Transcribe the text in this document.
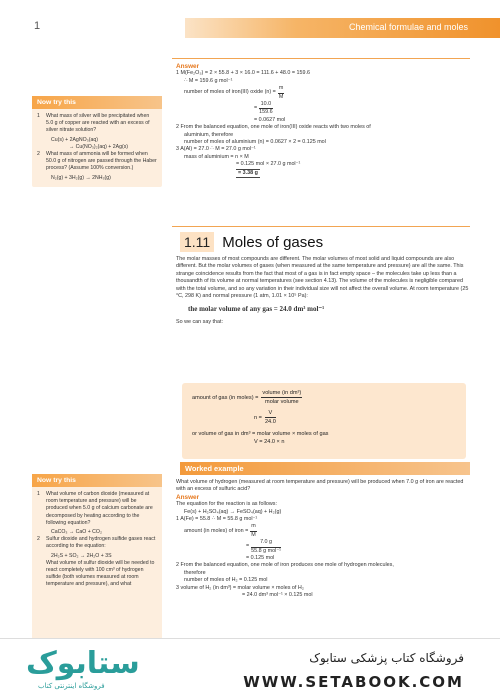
1	Chemical formulae and moles
Answer
1 M(Fe₂O₃) = 2 × 55.8 + 3 × 16.0 = 111.6 + 48.0 = 159.6
∴ M = 159.6 g mol⁻¹
number of moles of iron(III) oxide $(n) = \frac{m}{M}$
= $\frac{10.0}{159.6}$
= 0.0627 mol
2 From the balanced equation, one mole of iron(III) oxide reacts with two moles of
aluminium, therefore
number of moles of aluminium (n) = 0.0627 × 2 = 0.125 mol
3 A(Al) = 27.0 ∴ M = 27.0 g mol⁻¹
mass of aluminium = n × M
= 0.125 mol × 27.0 g mol⁻¹
= 3.38 g
Now try this
1	What mass of silver will be precipitated when 5.0 g of copper are reacted with an excess of silver nitrate solution?
Cu(s) + 2AgNO₃(aq)
→ Cu(NO₃)₂(aq) + 2Ag(s)
2	What mass of ammonia will be formed when 50.0 g of nitrogen are passed through the Haber process? (Assume 100% conversion.)
N₂(g) + 3H₂(g) → 2NH₃(g)
1.11 Moles of gases
The molar masses of most compounds are different. The molar volumes of most solid and liquid compounds are also different. But the molar volumes of gases (when measured at the same temperature and pressure) are all the same. This strange coincidence results from the fact that most of a gas is in fact empty space – the molecules take up less than a thousandth of its volume at normal temperatures (see section 4.13). The volume of the molecules is negligible compared with the total volume, and so any variation in their individual size will not affect the overall volume. At room temperature (25 °C, 298 K) and normal pressure (1 atm, 1.01 × 10⁵ Pa):
the molar volume of any gas = 24.0 dm³ mol⁻¹
So we can say that:
amount of gas (in moles) = $\frac{\text{volume (in dm³)}}{\text{molar volume}}$
$n = \frac{V}{24.0}$
or volume of gas in dm³ = molar volume × moles of gas
V = 24.0 × n
Now try this
1	What volume of carbon dioxide (measured at room temperature and pressure) will be produced when 5.0 g of calcium carbonate are decomposed by heating according to the following equation?
CaCO₃ → CaO + CO₂
2	Sulfur dioxide and hydrogen sulfide gases react according to the equation:
2H₂S + SO₂ → 2H₂O + 3S
What volume of sulfur dioxide will be needed to react completely with 100 cm³ of hydrogen sulfide (both volumes measured at room temperature and pressure), and what
Worked example
What volume of hydrogen (measured at room temperature and pressure) will be produced when 7.0 g of iron are reacted with an excess of sulfuric acid?
Answer
The equation for the reaction is as follows:
Fe(s) + H₂SO₄(aq) → FeSO₄(aq) + H₂(g)
1 A(Fe) = 55.8 ∴ M = 55.8 g mol⁻¹
amount (in moles) of iron = $\frac{m}{M}$
= $\frac{7.0 g}{\text{55.8 g mol⁻¹}}$
= 0.125 mol
2 From the balanced equation, one mole of iron produces one mole of hydrogen molecules,
therefore
number of moles of H₂ = 0.125 mol
3 volume of H₂ (in dm³) = molar volume × moles of H₂
= 24.0 dm³ mol⁻¹ × 0.125 mol
ستابوک
فروشگاه اینترنتی کتاب
فروشگاه کتاب پزشکی ستابوک
WWW.SETABOOK.COM
